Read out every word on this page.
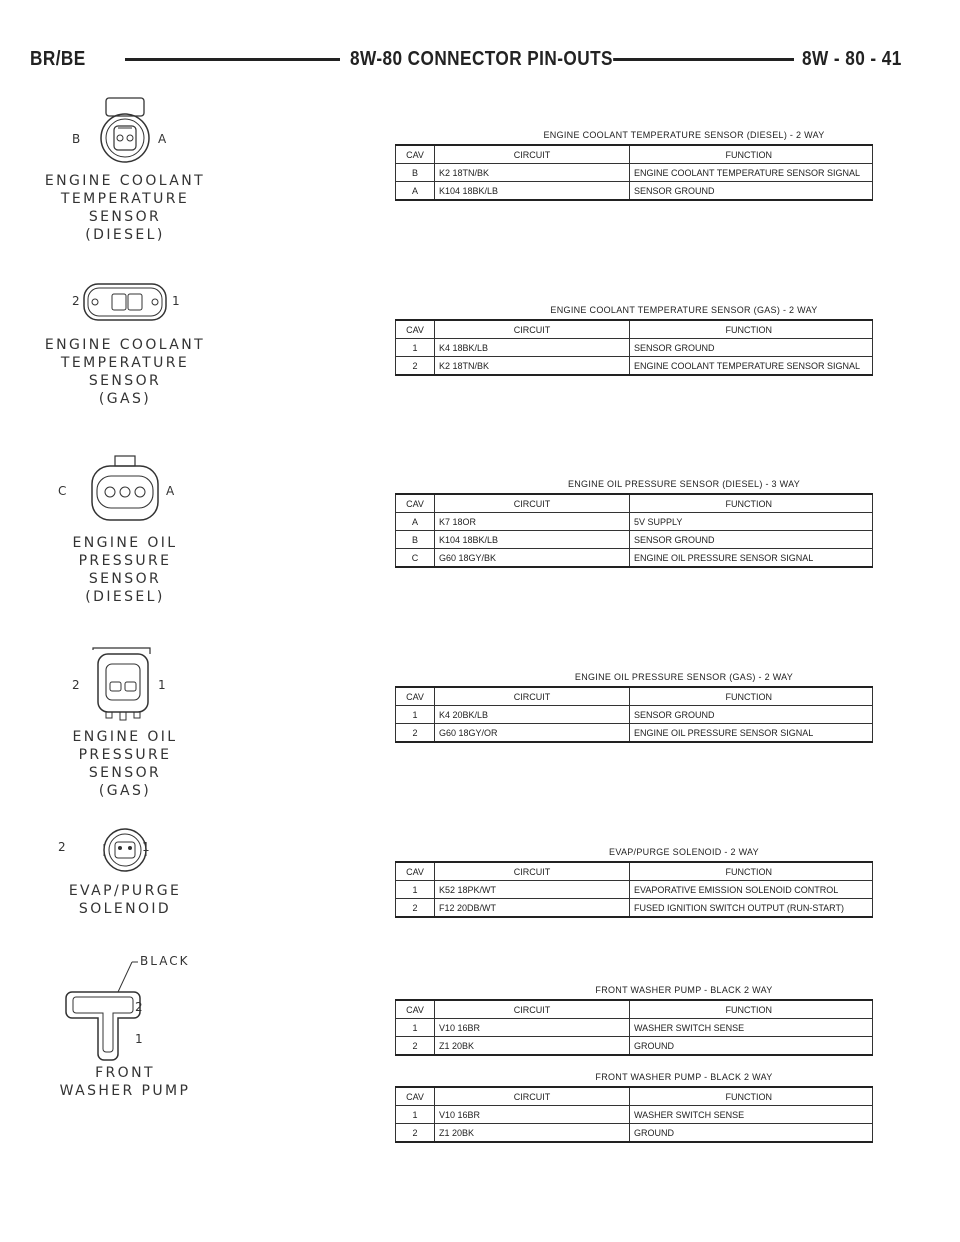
BR/BE	8W-80 CONNECTOR PIN-OUTS	8W - 80 - 41
B	A
ENGINE COOLANT
TEMPERATURE
SENSOR
(DIESEL)
2	1
ENGINE COOLANT
TEMPERATURE
SENSOR
(GAS)
C	A
ENGINE OIL
PRESSURE SENSOR
(DIESEL)
2	1
ENGINE OIL
PRESSURE SENSOR
(GAS)
2	1
EVAP/PURGE
SOLENOID
BLACK
2
1
FRONT
WASHER PUMP
ENGINE COOLANT TEMPERATURE SENSOR (DIESEL) - 2 WAY
CAV	CIRCUIT	FUNCTION
B	K2 18TN/BK	ENGINE COOLANT TEMPERATURE SENSOR SIGNAL
A	K104 18BK/LB	SENSOR GROUND
ENGINE COOLANT TEMPERATURE SENSOR (GAS) - 2 WAY
CAV	CIRCUIT	FUNCTION
1	K4 18BK/LB	SENSOR GROUND
2	K2 18TN/BK	ENGINE COOLANT TEMPERATURE SENSOR SIGNAL
ENGINE OIL PRESSURE SENSOR (DIESEL) - 3 WAY
CAV	CIRCUIT	FUNCTION
A	K7 18OR	5V SUPPLY
B	K104 18BK/LB	SENSOR GROUND
C	G60 18GY/BK	ENGINE OIL PRESSURE SENSOR SIGNAL
ENGINE OIL PRESSURE SENSOR (GAS) - 2 WAY
CAV	CIRCUIT	FUNCTION
1	K4 20BK/LB	SENSOR GROUND
2	G60 18GY/OR	ENGINE OIL PRESSURE SENSOR SIGNAL
EVAP/PURGE SOLENOID - 2 WAY
CAV	CIRCUIT	FUNCTION
1	K52 18PK/WT	EVAPORATIVE EMISSION SOLENOID CONTROL
2	F12 20DB/WT	FUSED IGNITION SWITCH OUTPUT (RUN-START)
FRONT WASHER PUMP - BLACK 2 WAY
CAV	CIRCUIT	FUNCTION
1	V10 16BR	WASHER SWITCH SENSE
2	Z1 20BK	GROUND
FRONT WASHER PUMP - BLACK 2 WAY
CAV	CIRCUIT	FUNCTION
1	V10 16BR	WASHER SWITCH SENSE
2	Z1 20BK	GROUND
